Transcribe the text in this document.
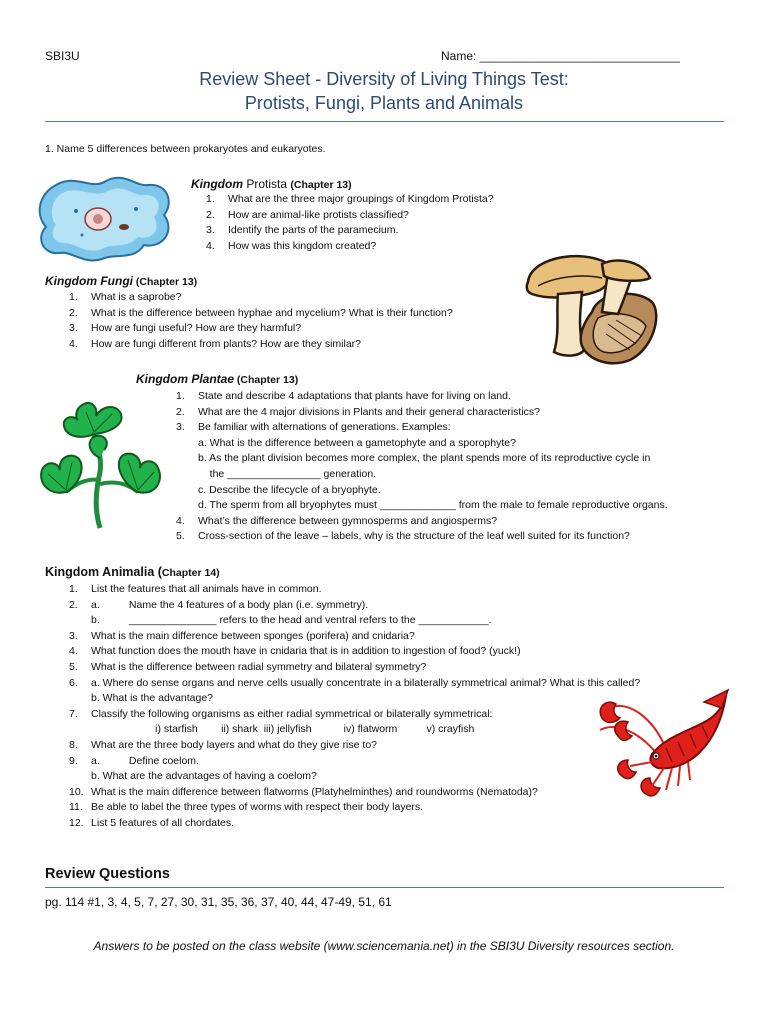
SBI3U	Name: ______________________________
Review Sheet - Diversity of Living Things Test:
Protists, Fungi, Plants and Animals
1. Name 5 differences between prokaryotes and eukaryotes.
Kingdom Protista (Chapter 13)
1. What are the three major groupings of Kingdom Protista?
2. How are animal-like protists classified?
3. Identify the parts of the paramecium.
4. How was this kingdom created?
Kingdom Fungi (Chapter 13)
1. What is a saprobe?
2. What is the difference between hyphae and mycelium? What is their function?
3. How are fungi useful? How are they harmful?
4. How are fungi different from plants? How are they similar?
Kingdom Plantae (Chapter 13)
1. State and describe 4 adaptations that plants have for living on land.
2. What are the 4 major divisions in Plants and their general characteristics?
3. Be familiar with alternations of generations. Examples:
a. What is the difference between a gametophyte and a sporophyte?
b. As the plant division becomes more complex, the plant spends more of its reproductive cycle in
the ________________ generation.
c. Describe the lifecycle of a bryophyte.
d. The sperm from all bryophytes must _____________ from the male to female reproductive organs.
4. What’s the difference between gymnosperms and angiosperms?
5. Cross-section of the leave – labels, why is the structure of the leaf well suited for its function?
Kingdom Animalia (Chapter 14)
1. List the features that all animals have in common.
2. a.          Name the 4 features of a body plan (i.e. symmetry).
b.          _______________ refers to the head and ventral refers to the ____________.
3. What is the main difference between sponges (porifera) and cnidaria?
4. What function does the mouth have in cnidaria that is in addition to ingestion of food? (yuck!)
5. What is the difference between radial symmetry and bilateral symmetry?
6. a. Where do sense organs and nerve cells usually concentrate in a bilaterally symmetrical animal? What is this called?
b. What is the advantage?
7. Classify the following organisms as either radial symmetrical or bilaterally symmetrical:
i) starfish        ii) shark  iii) jellyfish           iv) flatworm          v) crayfish
8. What are the three body layers and what do they give rise to?
9. a.          Define coelom.
b. What are the advantages of having a coelom?
10. What is the main difference between flatworms (Platyhelminthes) and roundworms (Nematoda)?
11. Be able to label the three types of worms with respect their body layers.
12. List 5 features of all chordates.
Review Questions
pg. 114 #1, 3, 4, 5, 7, 27, 30, 31, 35, 36, 37, 40, 44, 47-49, 51, 61
Answers to be posted on the class website (www.sciencemania.net) in the SBI3U Diversity resources section.
